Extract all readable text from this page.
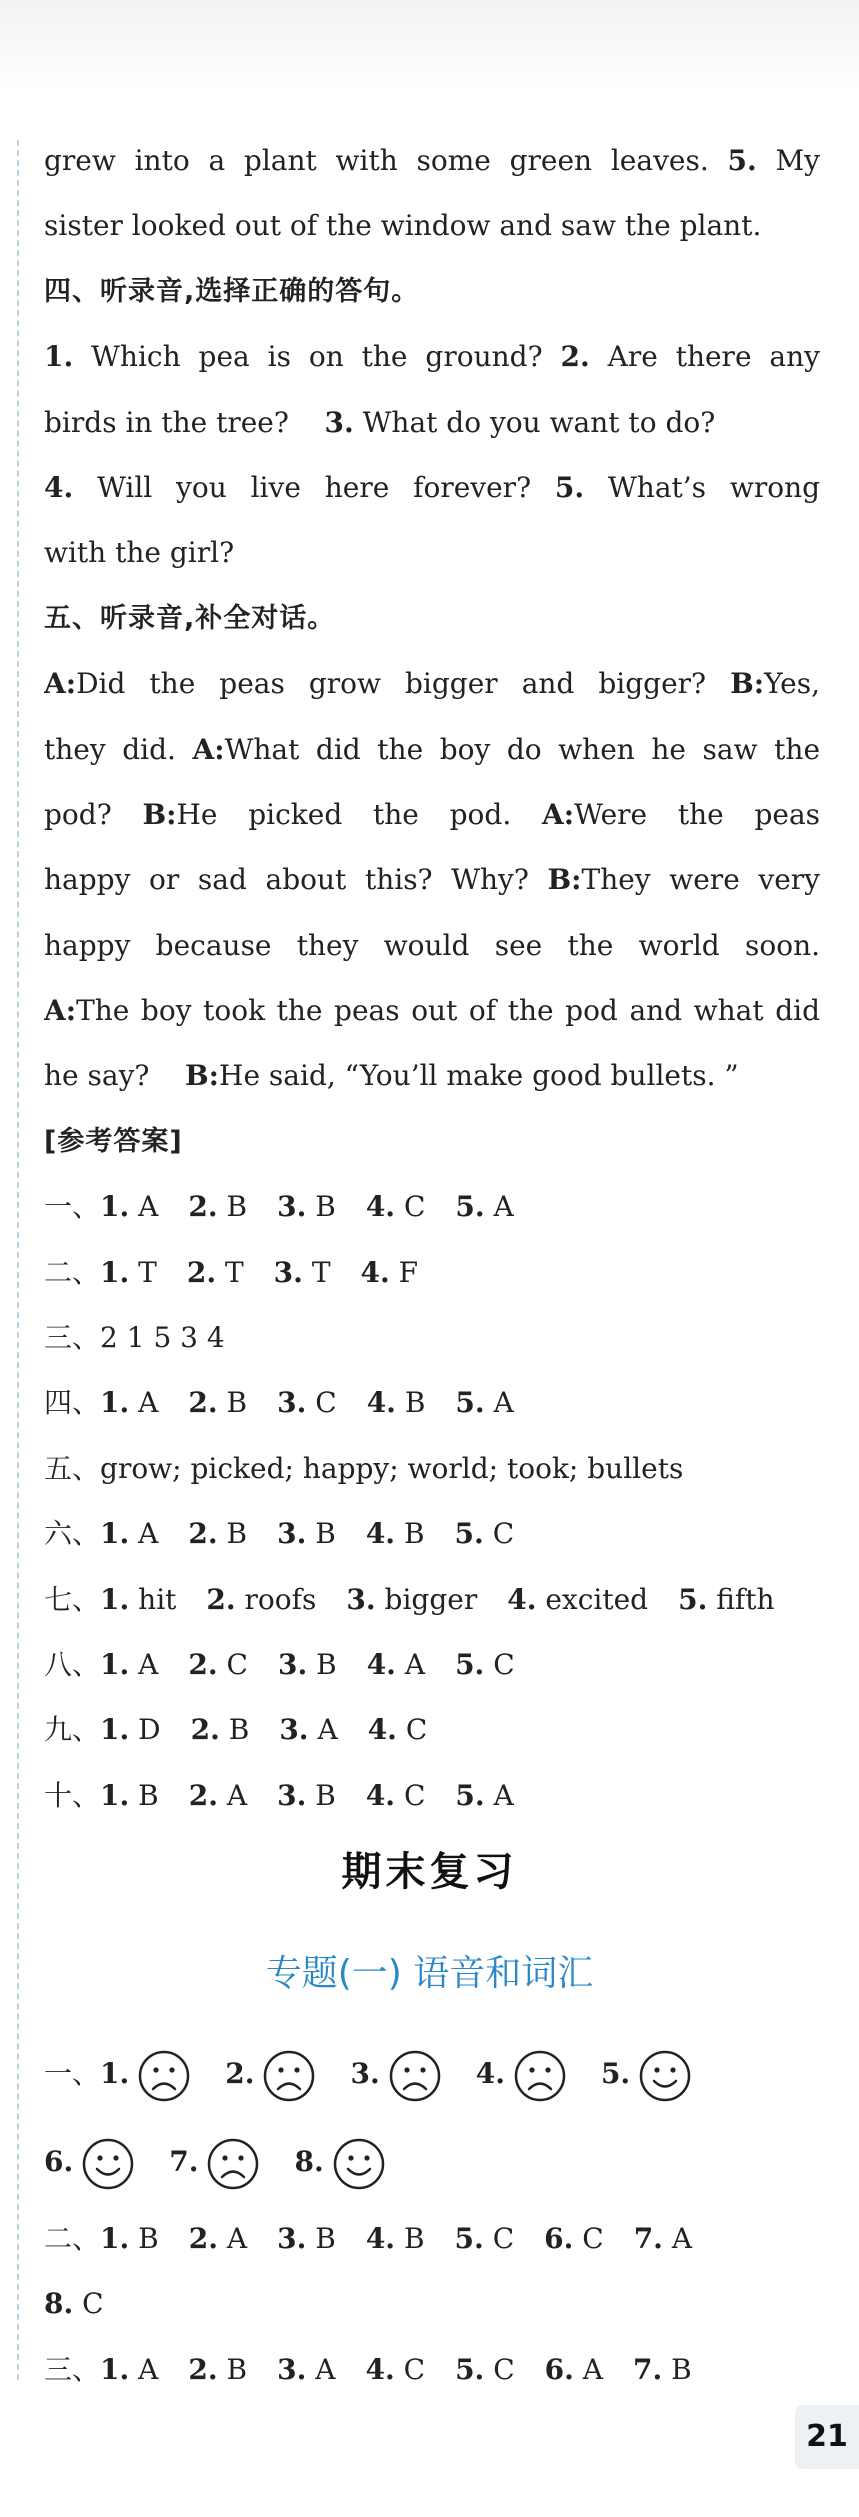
grew into a plant with some green leaves. 5. My
sister looked out of the window and saw the plant.
四、听录音,选择正确的答句。
1. Which pea is on the ground? 2. Are there any
birds in the tree? 3. What do you want to do?
4. Will you live here forever? 5. What’s wrong
with the girl?
五、听录音,补全对话。
A:Did the peas grow bigger and bigger? B:Yes,
they did. A:What did the boy do when he saw the
pod? B:He picked the pod. A:Were the peas
happy or sad about this? Why? B:They were very
happy because they would see the world soon.
A:The boy took the peas out of the pod and what did
he say? B:He said, “You’ll make good bullets. ”
[参考答案]
一、1. A 2. B 3. B 4. C 5. A
二、1. T 2. T 3. T 4. F
三、2 1 5 3 4
四、1. A 2. B 3. C 4. B 5. A
五、grow; picked; happy; world; took; bullets
六、1. A 2. B 3. B 4. B 5. C
七、1. hit 2. roofs 3. bigger 4. excited 5. fifth
八、1. A 2. C 3. B 4. A 5. C
九、1. D 2. B 3. A 4. C
十、1. B 2. A 3. B 4. C 5. A
期末复习
专题(一) 语音和词汇
一、1.	2.	3.	4.	5.
6.	7.	8.
二、1. B 2. A 3. B 4. B 5. C 6. C 7. A
8. C
三、1. A 2. B 3. A 4. C 5. C 6. A 7. B
21
